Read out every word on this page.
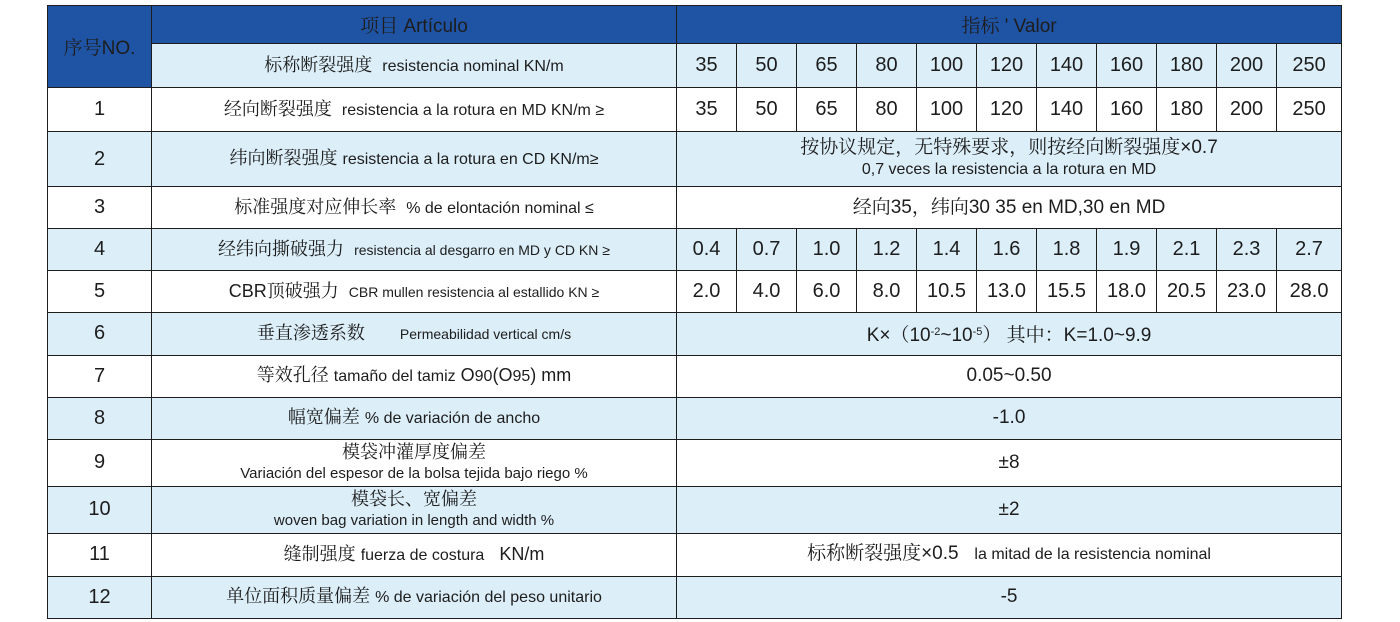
序号NO.	项目 Artículo	指标 ' Valor										
	标称断裂强度 resistencia nominal KN/m	35	50	65	80	100	120	140	160	180	200	250
1	经向断裂强度 resistencia a la rotura en MD KN/m ≥	35	50	65	80	100	120	140	160	180	200	250
2	纬向断裂强度 resistencia a la rotura en CD KN/m≥	按协议规定，无特殊要求，则按经向断裂强度×0.7
0,7 veces la resistencia a la rotura en MD										

3	标准强度对应伸长率 % de elontación nominal ≤	经向35，纬向30 35 en MD,30 en MD										
4	经纬向撕破强力 resistencia al desgarro en MD y CD KN ≥	0.4	0.7	1.0	1.2	1.4	1.6	1.8	1.9	2.1	2.3	2.7
5	CBR顶破强力 CBR mullen resistencia al estallido KN ≥	2.0	4.0	6.0	8.0	10.5	13.0	15.5	18.0	20.5	23.0	28.0
6	垂直渗透系数 Permeabilidad vertical cm/s	$K\times(10^{-2}\sim 10^{-5})$ 其中：K=1.0~9.9										
7	等效孔径 tamaño del tamiz O90(O95) mm	0.05~0.50										
8	幅宽偏差 % de variación de ancho	-1.0										
9	模袋冲灌厚度偏差
Variación del espesor de la bolsa tejida bajo riego %	±8										
10	模袋长、宽偏差
woven bag variation in length and width %	±2										
11	缝制强度 fuerza de costura KN/m	标称断裂强度×0.5 la mitad de la resistencia nominal										
12	单位面积质量偏差 % de variación del peso unitario	-5										
